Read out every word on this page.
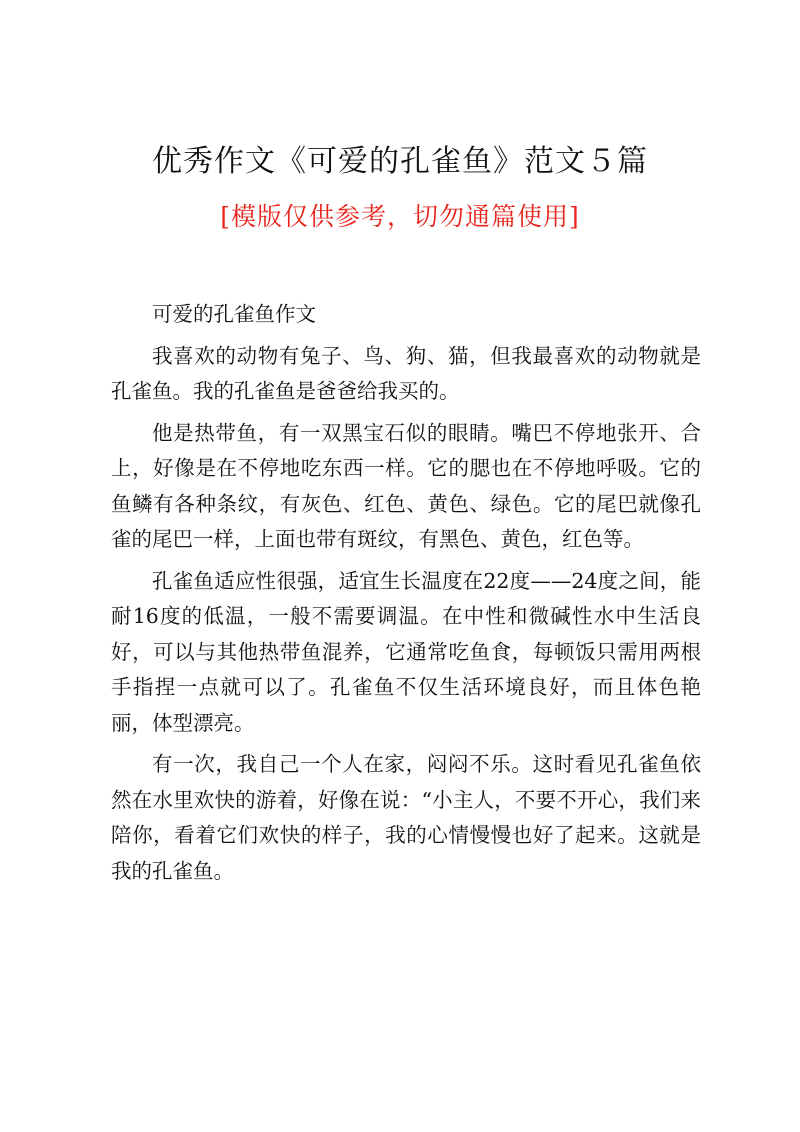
优秀作文《可爱的孔雀鱼》范文５篇
[模版仅供参考，切勿通篇使用]

可爱的孔雀鱼作文

我喜欢的动物有兔子、鸟、狗、猫，但我最喜欢的动物就是孔雀鱼。我的孔雀鱼是爸爸给我买的。

他是热带鱼，有一双黑宝石似的眼睛。嘴巴不停地张开、合上，好像是在不停地吃东西一样。它的腮也在不停地呼吸。它的鱼鳞有各种条纹，有灰色、红色、黄色、绿色。它的尾巴就像孔雀的尾巴一样，上面也带有斑纹，有黑色、黄色，红色等。

孔雀鱼适应性很强，适宜生长温度在22度——24度之间，能耐16度的低温，一般不需要调温。在中性和微碱性水中生活良好，可以与其他热带鱼混养，它通常吃鱼食，每顿饭只需用两根手指捏一点就可以了。孔雀鱼不仅生活环境良好，而且体色艳丽，体型漂亮。

有一次，我自己一个人在家，闷闷不乐。这时看见孔雀鱼依然在水里欢快的游着，好像在说：“小主人，不要不开心，我们来陪你，看着它们欢快的样子，我的心情慢慢也好了起来。这就是我的孔雀鱼。
